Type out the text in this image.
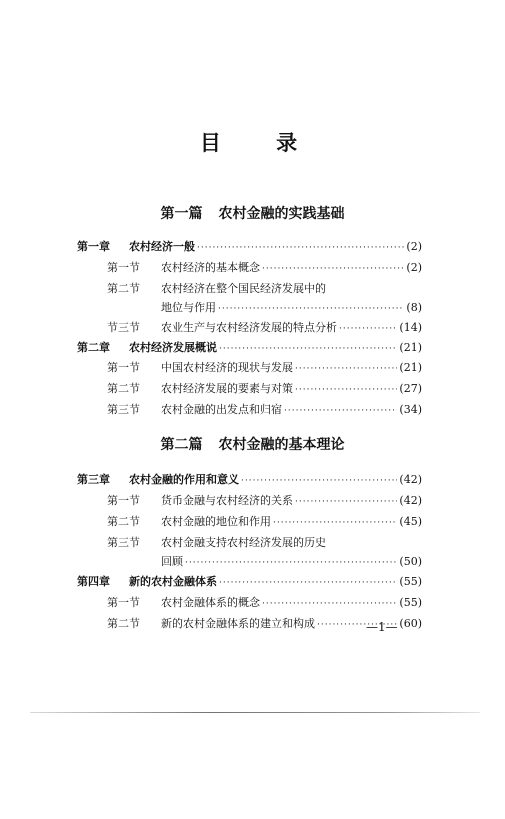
目 录
第一篇 农村金融的实践基础
第一章	农村经济一般 ·····	(2)
第一节	农村经济的基本概念 ·····	(2)
第二节	农村经济在整个国民经济发展中的
地位与作用 ·····	(8)
节三节	农业生产与农村经济发展的特点分析 ·····	(14)
第二章	农村经济发展概说 ·····	(21)
第一节	中国农村经济的现状与发展 ·····	(21)
第二节	农村经济发展的要素与对策 ·····	(27)
第三节	农村金融的出发点和归宿 ·····	(34)
第二篇 农村金融的基本理论
第三章	农村金融的作用和意义 ·····	(42)
第一节	货币金融与农村经济的关系 ·····	(42)
第二节	农村金融的地位和作用 ·····	(45)
第三节	农村金融支持农村经济发展的历史
回顾 ·····	(50)
第四章	新的农村金融体系 ·····	(55)
第一节	农村金融体系的概念 ·····	(55)
第二节	新的农村金融体系的建立和构成 ·····	(60)
—1—
